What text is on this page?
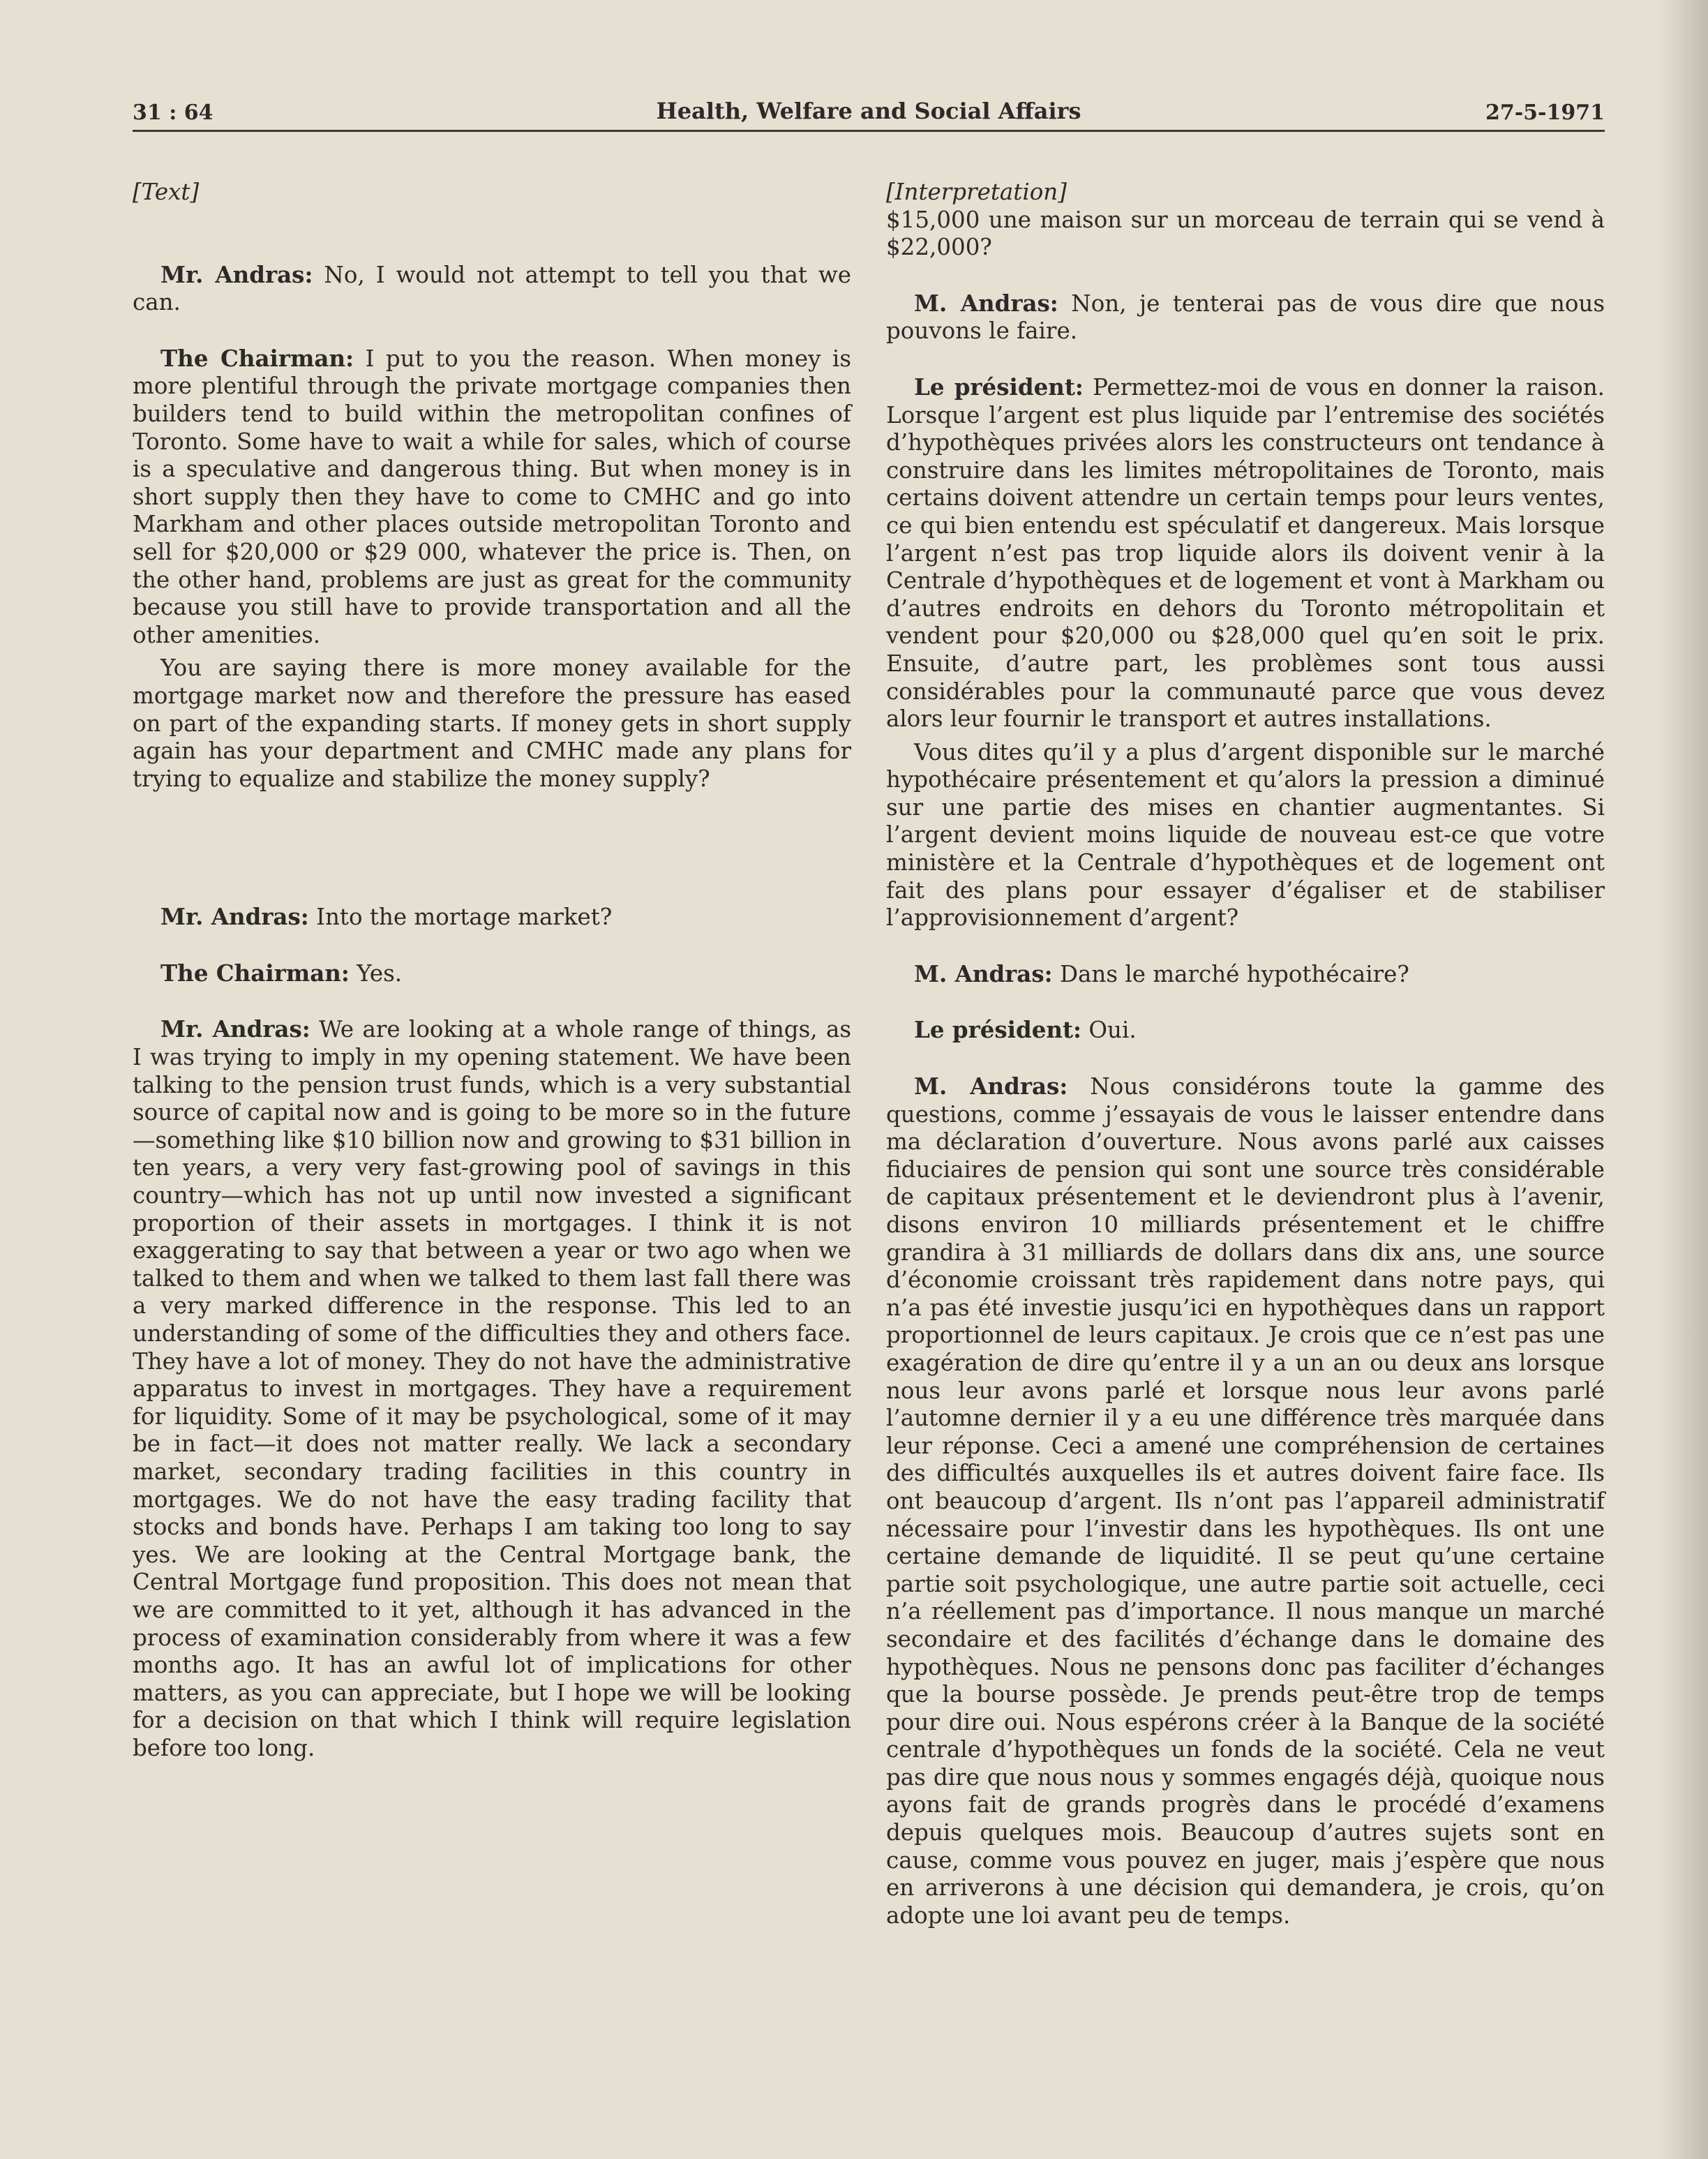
31 : 64	Health, Welfare and Social Affairs	27-5-1971
[Text]

Mr. Andras: No, I would not attempt to tell you that we can.

The Chairman: I put to you the reason. When money is more plentiful through the private mortgage companies then builders tend to build within the metropolitan confines of Toronto. Some have to wait a while for sales, which of course is a speculative and dangerous thing. But when money is in short supply then they have to come to CMHC and go into Markham and other places outside metropolitan Toronto and sell for $20,000 or $29 000, whatever the price is. Then, on the other hand, problems are just as great for the community because you still have to provide transportation and all the other amenities.

You are saying there is more money available for the mortgage market now and therefore the pressure has eased on part of the expanding starts. If money gets in short supply again has your department and CMHC made any plans for trying to equalize and stabilize the money supply?

Mr. Andras: Into the mortage market?

The Chairman: Yes.

Mr. Andras: We are looking at a whole range of things, as I was trying to imply in my opening statement. We have been talking to the pension trust funds, which is a very substantial source of capital now and is going to be more so in the future—something like $10 billion now and growing to $31 billion in ten years, a very very fast-growing pool of savings in this country—which has not up until now invested a significant proportion of their assets in mortgages. I think it is not exaggerating to say that between a year or two ago when we talked to them and when we talked to them last fall there was a very marked difference in the response. This led to an understanding of some of the difficulties they and others face. They have a lot of money. They do not have the administrative apparatus to invest in mortgages. They have a requirement for liquidity. Some of it may be psychological, some of it may be in fact—it does not matter really. We lack a secondary market, secondary trading facilities in this country in mortgages. We do not have the easy trading facility that stocks and bonds have. Perhaps I am taking too long to say yes. We are looking at the Central Mortgage bank, the Central Mortgage fund proposition. This does not mean that we are committed to it yet, although it has advanced in the process of examination considerably from where it was a few months ago. It has an awful lot of implications for other matters, as you can appreciate, but I hope we will be looking for a decision on that which I think will require legislation before too long.

[Interpretation]

$15,000 une maison sur un morceau de terrain qui se vend à $22,000?

M. Andras: Non, je tenterai pas de vous dire que nous pouvons le faire.

Le président: Permettez-moi de vous en donner la raison. Lorsque l’argent est plus liquide par l’entremise des sociétés d’hypothèques privées alors les constructeurs ont tendance à construire dans les limites métropolitaines de Toronto, mais certains doivent attendre un certain temps pour leurs ventes, ce qui bien entendu est spéculatif et dangereux. Mais lorsque l’argent n’est pas trop liquide alors ils doivent venir à la Centrale d’hypothèques et de logement et vont à Markham ou d’autres endroits en dehors du Toronto métropolitain et vendent pour $20,000 ou $28,000 quel qu’en soit le prix. Ensuite, d’autre part, les problèmes sont tous aussi considérables pour la communauté parce que vous devez alors leur fournir le transport et autres installations.

Vous dites qu’il y a plus d’argent disponible sur le marché hypothécaire présentement et qu’alors la pression a diminué sur une partie des mises en chantier augmentantes. Si l’argent devient moins liquide de nouveau est-ce que votre ministère et la Centrale d’hypothèques et de logement ont fait des plans pour essayer d’égaliser et de stabiliser l’approvisionnement d’argent?

M. Andras: Dans le marché hypothécaire?

Le président: Oui.

M. Andras: Nous considérons toute la gamme des questions, comme j’essayais de vous le laisser entendre dans ma déclaration d’ouverture. Nous avons parlé aux caisses fiduciaires de pension qui sont une source très considérable de capitaux présentement et le deviendront plus à l’avenir, disons environ 10 milliards présentement et le chiffre grandira à 31 milliards de dollars dans dix ans, une source d’économie croissant très rapidement dans notre pays, qui n’a pas été investie jusqu’ici en hypothèques dans un rapport proportionnel de leurs capitaux. Je crois que ce n’est pas une exagération de dire qu’entre il y a un an ou deux ans lorsque nous leur avons parlé et lorsque nous leur avons parlé l’automne dernier il y a eu une différence très marquée dans leur réponse. Ceci a amené une compréhension de certaines des difficultés auxquelles ils et autres doivent faire face. Ils ont beaucoup d’argent. Ils n’ont pas l’appareil administratif nécessaire pour l’investir dans les hypothèques. Ils ont une certaine demande de liquidité. Il se peut qu’une certaine partie soit psychologique, une autre partie soit actuelle, ceci n’a réellement pas d’importance. Il nous manque un marché secondaire et des facilités d’échange dans le domaine des hypothèques. Nous ne pensons donc pas faciliter d’échanges que la bourse possède. Je prends peut-être trop de temps pour dire oui. Nous espérons créer à la Banque de la société centrale d’hypothèques un fonds de la société. Cela ne veut pas dire que nous nous y sommes engagés déjà, quoique nous ayons fait de grands progrès dans le procédé d’examens depuis quelques mois. Beaucoup d’autres sujets sont en cause, comme vous pouvez en juger, mais j’espère que nous en arriverons à une décision qui demandera, je crois, qu’on adopte une loi avant peu de temps.
